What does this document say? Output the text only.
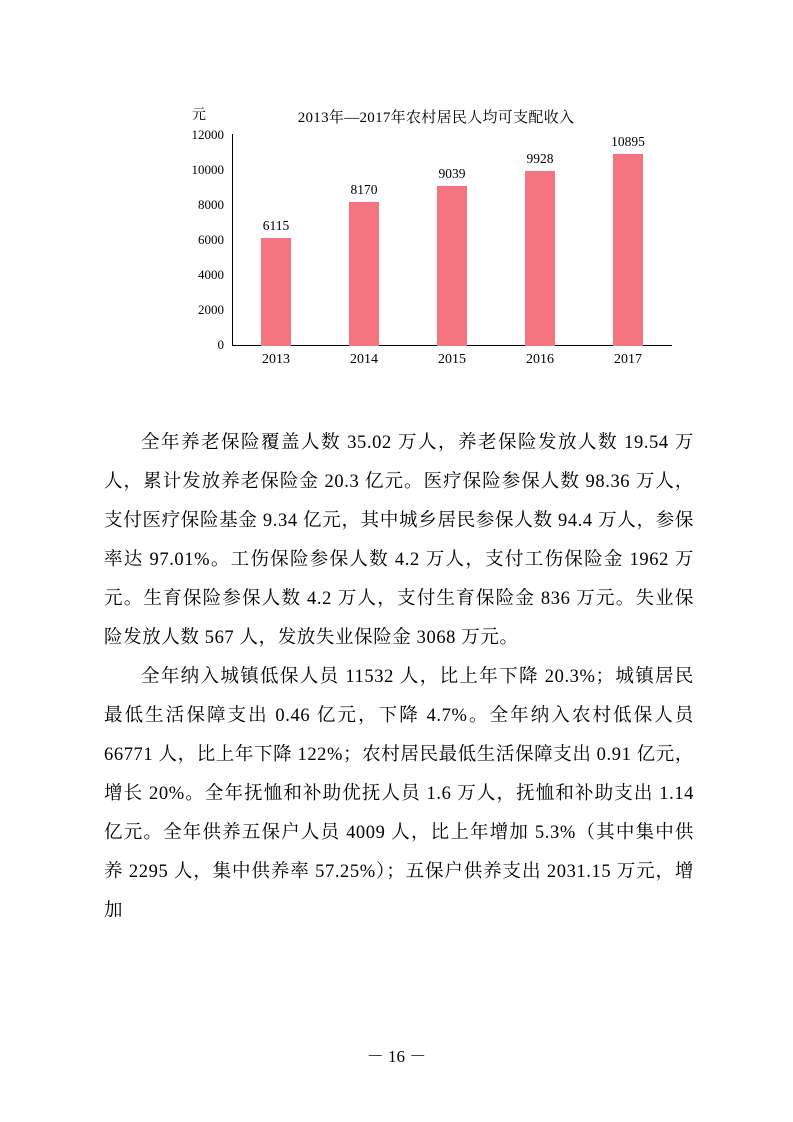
元	2013年—2017年农村居民人均可支配收入
12000
10000
8000
6000
4000
2000
0
6115
8170
9039
9928
10895
2013	2014	2015	2016	2017

全年养老保险覆盖人数 35.02 万人，养老保险发放人数 19.54 万人，累计发放养老保险金 20.3 亿元。医疗保险参保人数 98.36 万人，支付医疗保险基金 9.34 亿元，其中城乡居民参保人数 94.4 万人，参保率达 97.01%。工伤保险参保人数 4.2 万人，支付工伤保险金 1962 万元。生育保险参保人数 4.2 万人，支付生育保险金 836 万元。失业保险发放人数 567 人，发放失业保险金 3068 万元。

全年纳入城镇低保人员 11532 人，比上年下降 20.3%；城镇居民最低生活保障支出 0.46 亿元，下降 4.7%。全年纳入农村低保人员 66771 人，比上年下降 122%；农村居民最低生活保障支出 0.91 亿元，增长 20%。全年抚恤和补助优抚人员 1.6 万人，抚恤和补助支出 1.14 亿元。全年供养五保户人员 4009 人，比上年增加 5.3%（其中集中供养 2295 人，集中供养率 57.25%）；五保户供养支出 2031.15 万元，增加

－ 16 －
